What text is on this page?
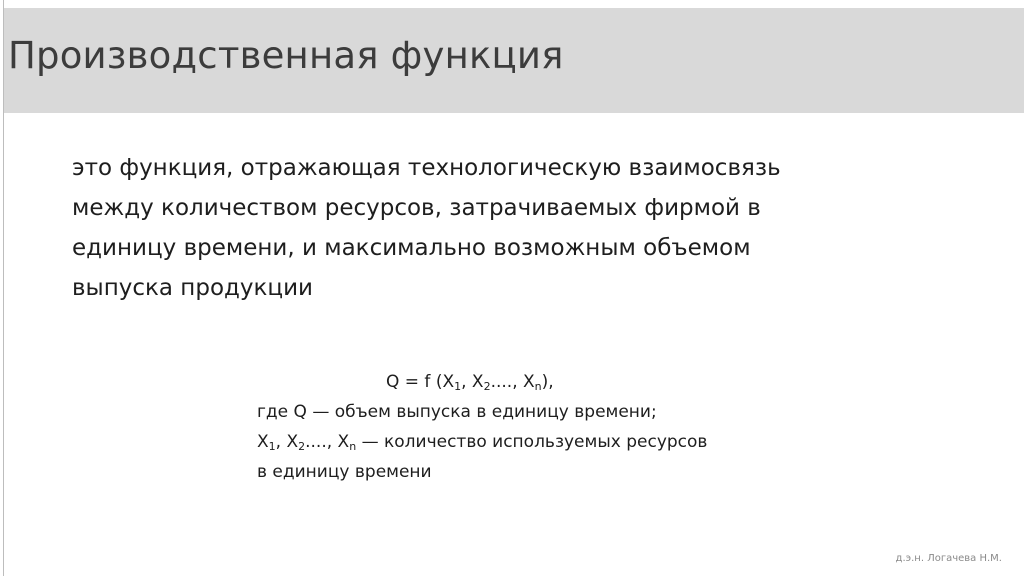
Производственная функция
это функция, отражающая технологическую взаимосвязь
между количеством ресурсов, затрачиваемых фирмой в
единицу времени, и максимально возможным объемом
выпуска продукции
Q = f ($X_1$, $X_2$...., $X_n$),
где Q — объем выпуска в единицу времени;
$X_1$, $X_2$...., $X_n$ — количество используемых ресурсов
в единицу времени
д.э.н. Логачева Н.М.
